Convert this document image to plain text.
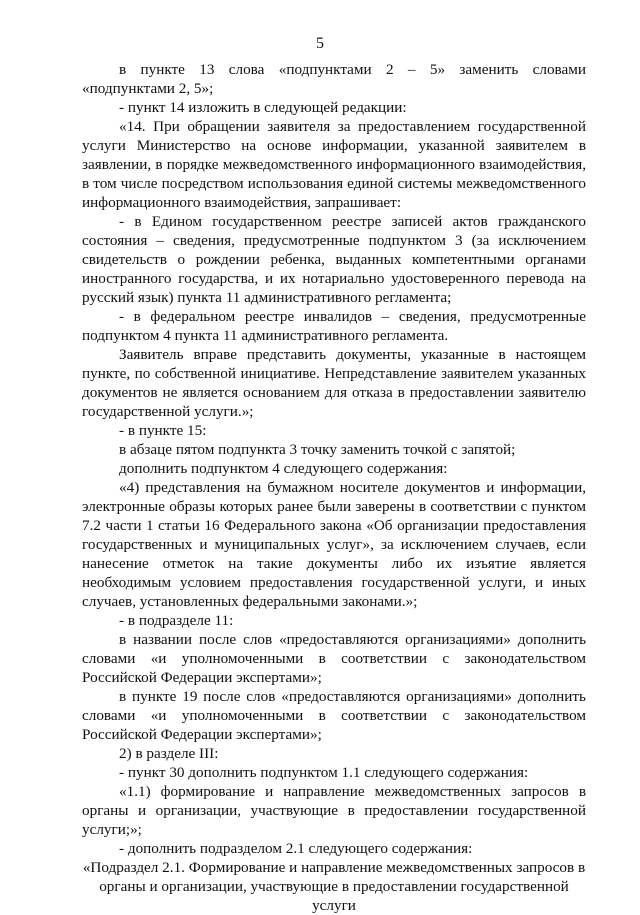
5

в пункте 13 слова «подпунктами 2 – 5» заменить словами «подпунктами 2, 5»;

- пункт 14 изложить в следующей редакции:

«14. При обращении заявителя за предоставлением государственной услуги Министерство на основе информации, указанной заявителем в заявлении, в порядке межведомственного информационного взаимодействия, в том числе посредством использования единой системы межведомственного информационного взаимодействия, запрашивает:

- в Едином государственном реестре записей актов гражданского состояния – сведения, предусмотренные подпунктом 3 (за исключением свидетельств о рождении ребенка, выданных компетентными органами иностранного государства, и их нотариально удостоверенного перевода на русский язык) пункта 11 административного регламента;

- в федеральном реестре инвалидов – сведения, предусмотренные подпунктом 4 пункта 11 административного регламента.

Заявитель вправе представить документы, указанные в настоящем пункте, по собственной инициативе. Непредставление заявителем указанных документов не является основанием для отказа в предоставлении заявителю государственной услуги.»;

- в пункте 15:

в абзаце пятом подпункта 3 точку заменить точкой с запятой;

дополнить подпунктом 4 следующего содержания:

«4) представления на бумажном носителе документов и информации, электронные образы которых ранее были заверены в соответствии с пунктом 7.2 части 1 статьи 16 Федерального закона «Об организации предоставления государственных и муниципальных услуг», за исключением случаев, если нанесение отметок на такие документы либо их изъятие является необходимым условием предоставления государственной услуги, и иных случаев, установленных федеральными законами.»;

- в подразделе 11:

в названии после слов «предоставляются организациями» дополнить словами «и уполномоченными в соответствии с законодательством Российской Федерации экспертами»;

в пункте 19 после слов «предоставляются организациями» дополнить словами «и уполномоченными в соответствии с законодательством Российской Федерации экспертами»;

2) в разделе III:

- пункт 30 дополнить подпунктом 1.1 следующего содержания:

«1.1) формирование и направление межведомственных запросов в органы и организации, участвующие в предоставлении государственной услуги;»;

- дополнить подразделом 2.1 следующего содержания:

«Подраздел 2.1. Формирование и направление межведомственных запросов в органы и организации, участвующие в предоставлении государственной услуги
